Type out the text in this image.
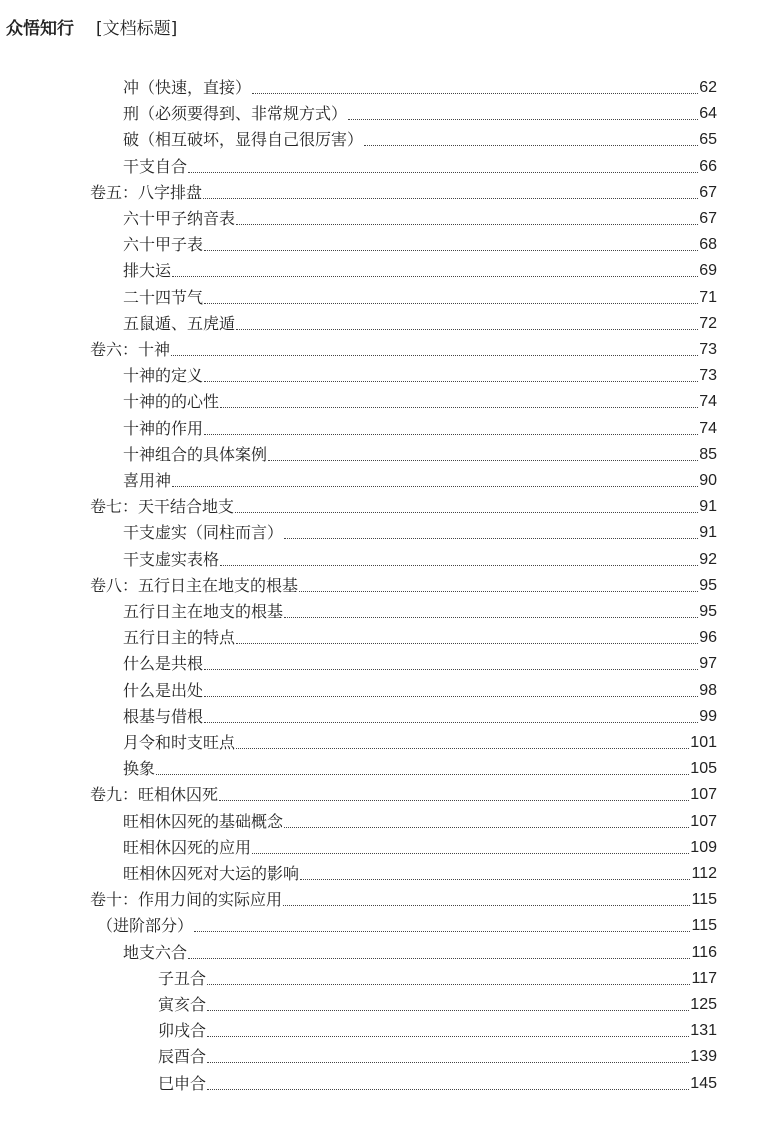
众悟知行 [文档标题]
冲（快速，直接）	62
刑（必须要得到、非常规方式）	64
破（相互破坏，显得自己很厉害）	65
干支自合	66
卷五：八字排盘	67
六十甲子纳音表	67
六十甲子表	68
排大运	69
二十四节气	71
五鼠遁、五虎遁	72
卷六：十神	73
十神的定义	73
十神的的心性	74
十神的作用	74
十神组合的具体案例	85
喜用神	90
卷七：天干结合地支	91
干支虚实（同柱而言）	91
干支虚实表格	92
卷八：五行日主在地支的根基	95
五行日主在地支的根基	95
五行日主的特点	96
什么是共根	97
什么是出处	98
根基与借根	99
月令和时支旺点	101
换象	105
卷九：旺相休囚死	107
旺相休囚死的基础概念	107
旺相休囚死的应用	109
旺相休囚死对大运的影响	112
卷十：作用力间的实际应用	115
（进阶部分）	115
地支六合	116
子丑合	117
寅亥合	125
卯戌合	131
辰酉合	139
巳申合	145
